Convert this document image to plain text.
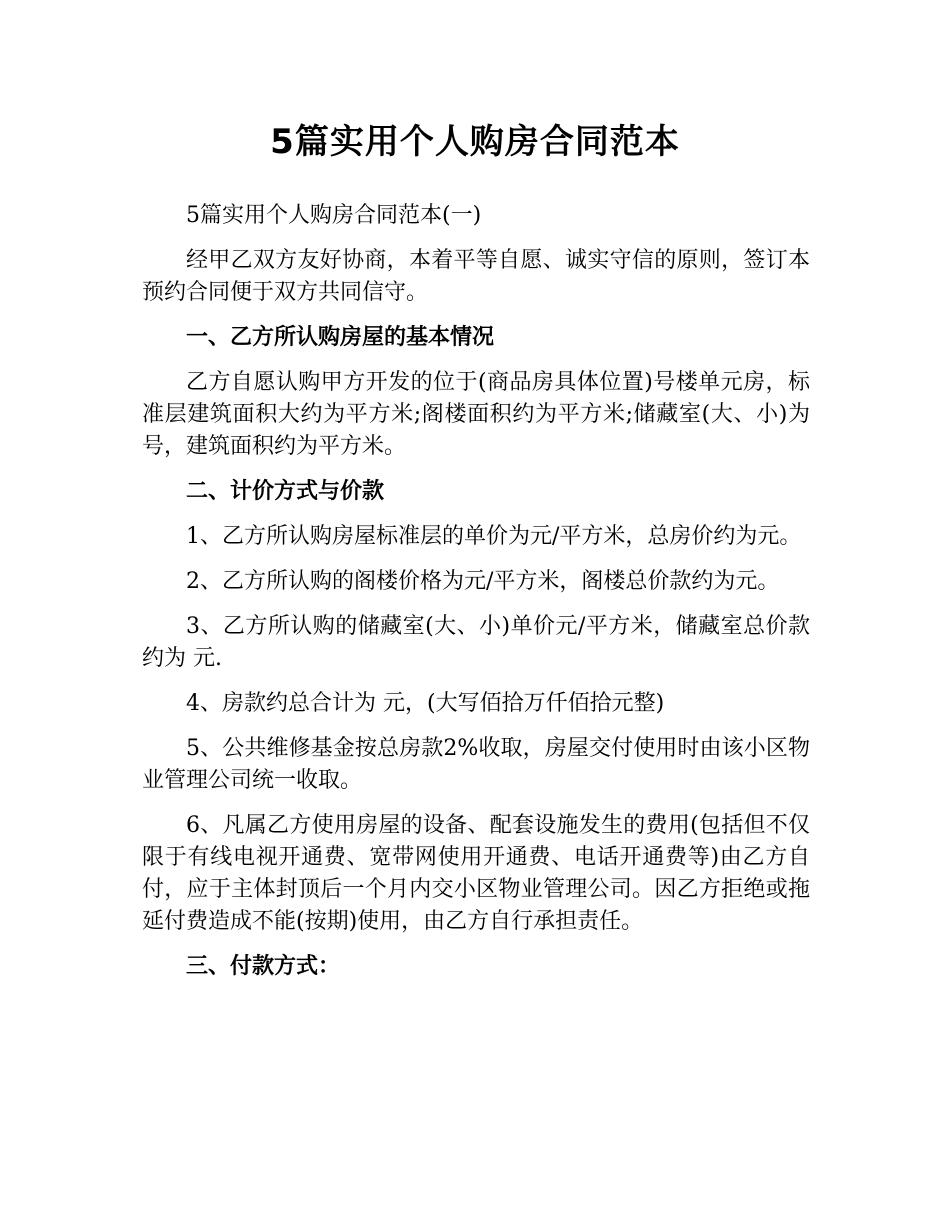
5篇实用个人购房合同范本

5篇实用个人购房合同范本(一)

经甲乙双方友好协商，本着平等自愿、诚实守信的原则，签订本预约合同便于双方共同信守。

一、乙方所认购房屋的基本情况

乙方自愿认购甲方开发的位于(商品房具体位置)号楼单元房，标准层建筑面积大约为平方米;阁楼面积约为平方米;储藏室(大、小)为号，建筑面积约为平方米。

二、计价方式与价款

1、乙方所认购房屋标准层的单价为元/平方米，总房价约为元。

2、乙方所认购的阁楼价格为元/平方米，阁楼总价款约为元。

3、乙方所认购的储藏室(大、小)单价元/平方米，储藏室总价款约为 元.

4、房款约总合计为 元，(大写佰拾万仟佰拾元整)

5、公共维修基金按总房款2%收取，房屋交付使用时由该小区物业管理公司统一收取。

6、凡属乙方使用房屋的设备、配套设施发生的费用(包括但不仅限于有线电视开通费、宽带网使用开通费、电话开通费等)由乙方自付，应于主体封顶后一个月内交小区物业管理公司。因乙方拒绝或拖延付费造成不能(按期)使用，由乙方自行承担责任。

三、付款方式：
